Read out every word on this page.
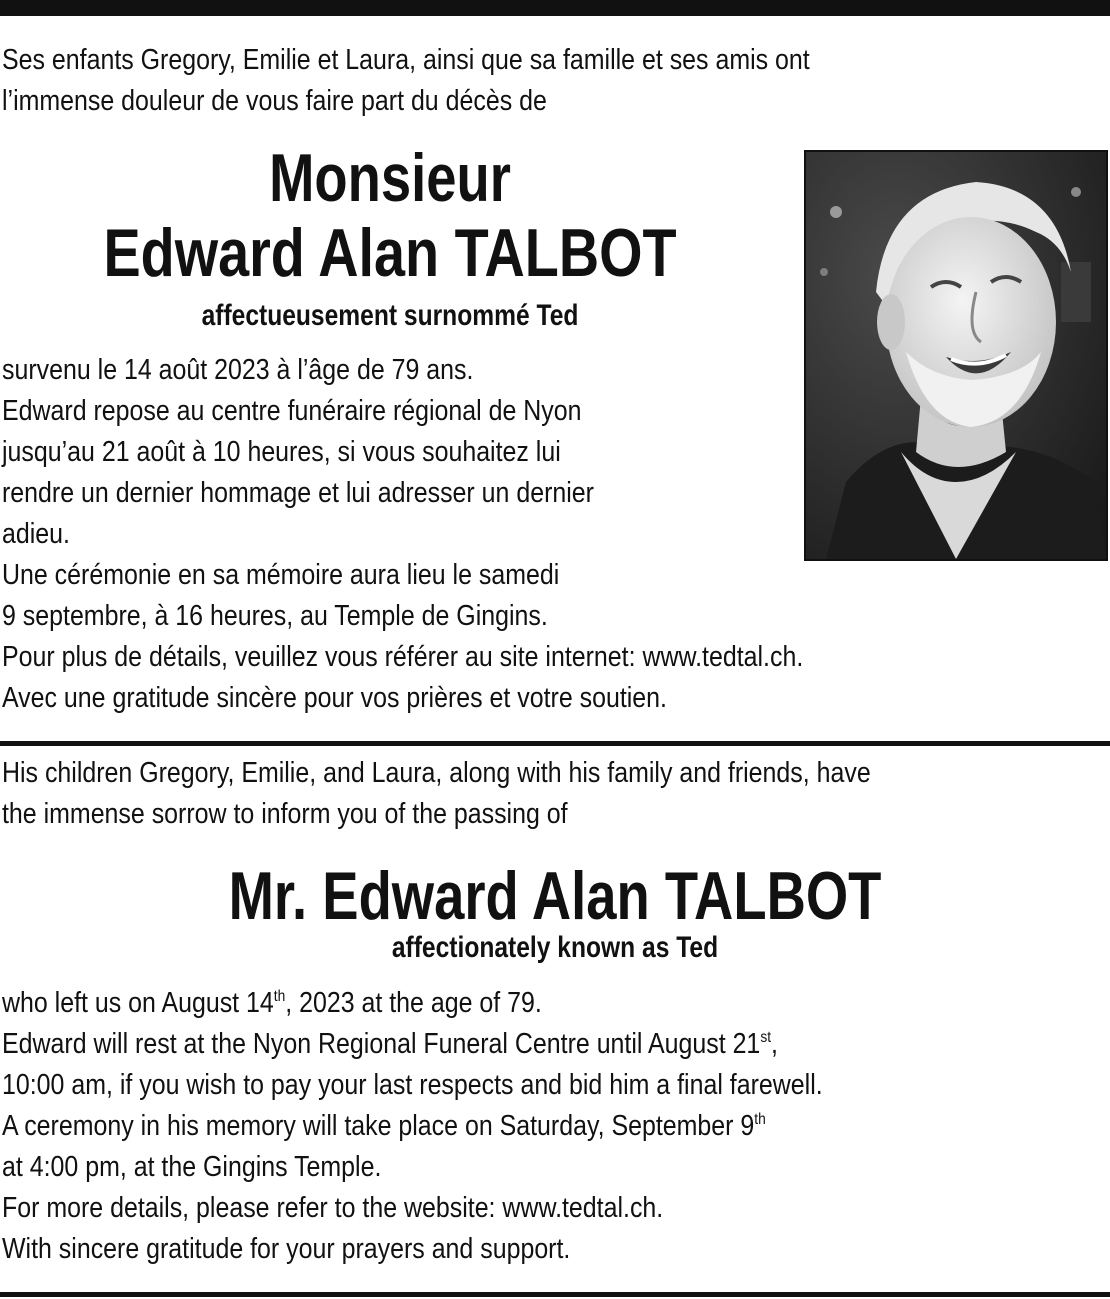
Ses enfants Gregory, Emilie et Laura, ainsi que sa famille et ses amis ont
l’immense douleur de vous faire part du décès de

Monsieur
Edward Alan TALBOT
affectueusement surnommé Ted

survenu le 14 août 2023 à l’âge de 79 ans.
Edward repose au centre funéraire régional de Nyon
jusqu’au 21 août à 10 heures, si vous souhaitez lui
rendre un dernier hommage et lui adresser un dernier
adieu.
Une cérémonie en sa mémoire aura lieu le samedi
9 septembre, à 16 heures, au Temple de Gingins.
Pour plus de détails, veuillez vous référer au site internet: www.tedtal.ch.
Avec une gratitude sincère pour vos prières et votre soutien.

His children Gregory, Emilie, and Laura, along with his family and friends, have
the immense sorrow to inform you of the passing of

Mr. Edward Alan TALBOT
affectionately known as Ted

who left us on August 14th, 2023 at the age of 79.
Edward will rest at the Nyon Regional Funeral Centre until August 21st,
10:00 am, if you wish to pay your last respects and bid him a final farewell.
A ceremony in his memory will take place on Saturday, September 9th
at 4:00 pm, at the Gingins Temple.
For more details, please refer to the website: www.tedtal.ch.
With sincere gratitude for your prayers and support.
